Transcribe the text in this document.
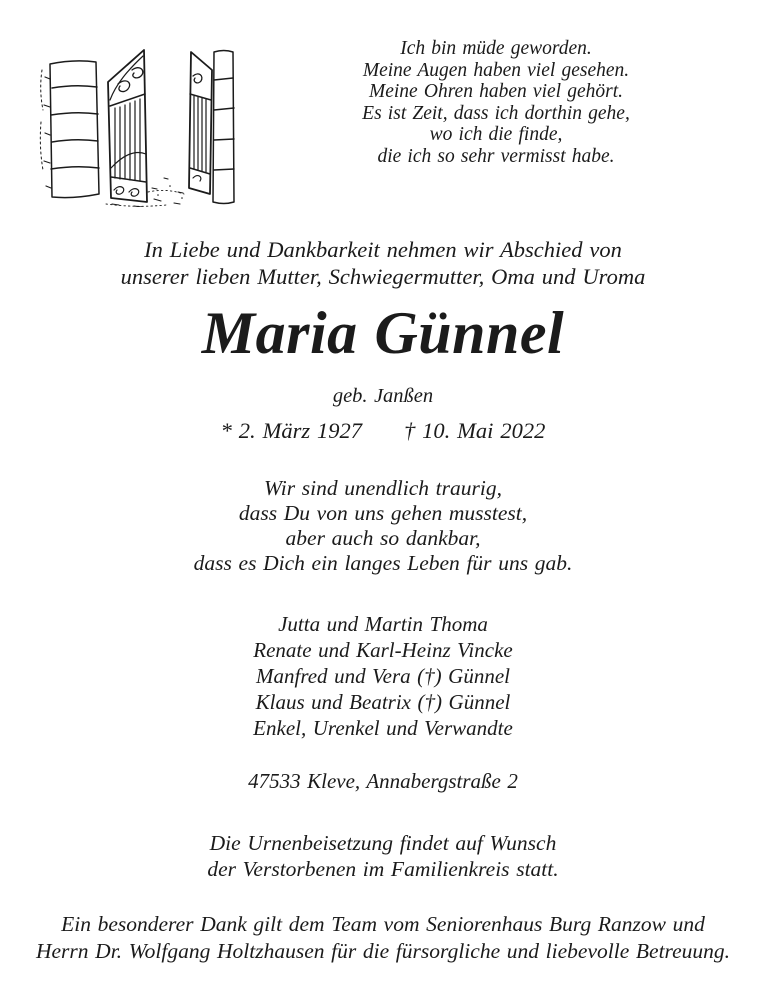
Ich bin müde geworden.
Meine Augen haben viel gesehen.
Meine Ohren haben viel gehört.
Es ist Zeit, dass ich dorthin gehe,
wo ich die finde,
die ich so sehr vermisst habe.
In Liebe und Dankbarkeit nehmen wir Abschied von
unserer lieben Mutter, Schwiegermutter, Oma und Uroma
Maria Günnel
geb. Janßen
* 2. März 1927 † 10. Mai 2022
Wir sind unendlich traurig,
dass Du von uns gehen musstest,
aber auch so dankbar,
dass es Dich ein langes Leben für uns gab.
Jutta und Martin Thoma
Renate und Karl-Heinz Vincke
Manfred und Vera (†) Günnel
Klaus und Beatrix (†) Günnel
Enkel, Urenkel und Verwandte
47533 Kleve, Annabergstraße 2
Die Urnenbeisetzung findet auf Wunsch
der Verstorbenen im Familienkreis statt.
Ein besonderer Dank gilt dem Team vom Seniorenhaus Burg Ranzow und
Herrn Dr. Wolfgang Holtzhausen für die fürsorgliche und liebevolle Betreuung.
